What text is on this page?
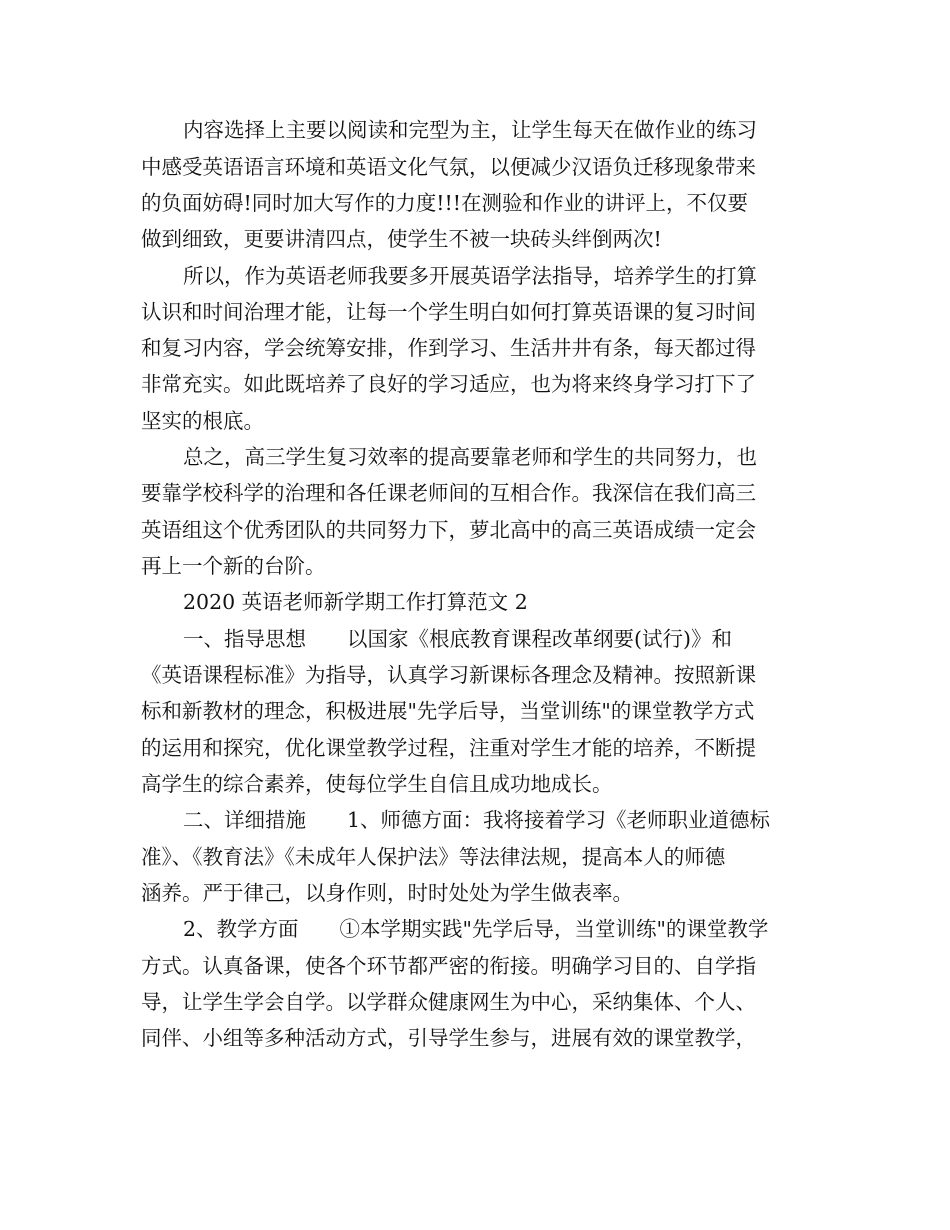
内容选择上主要以阅读和完型为主，让学生每天在做作业的练习
中感受英语语言环境和英语文化气氛，以便减少汉语负迁移现象带来
的负面妨碍!同时加大写作的力度!!!在测验和作业的讲评上，不仅要
做到细致，更要讲清四点，使学生不被一块砖头绊倒两次!
所以，作为英语老师我要多开展英语学法指导，培养学生的打算
认识和时间治理才能，让每一个学生明白如何打算英语课的复习时间
和复习内容，学会统筹安排，作到学习、生活井井有条，每天都过得
非常充实。如此既培养了良好的学习适应，也为将来终身学习打下了
坚实的根底。
总之，高三学生复习效率的提高要靠老师和学生的共同努力，也
要靠学校科学的治理和各任课老师间的互相合作。我深信在我们高三
英语组这个优秀团队的共同努力下，萝北高中的高三英语成绩一定会
再上一个新的台阶。
2020 英语老师新学期工作打算范文 2
一、指导思想　　以国家《根底教育课程改革纲要(试行)》和
《英语课程标准》为指导，认真学习新课标各理念及精神。按照新课
标和新教材的理念，积极进展"先学后导，当堂训练"的课堂教学方式
的运用和探究，优化课堂教学过程，注重对学生才能的培养，不断提
高学生的综合素养，使每位学生自信且成功地成长。
二、详细措施　　1、师德方面：我将接着学习《老师职业道德标
准》、《教育法》《未成年人保护法》等法律法规，提高本人的师德
涵养。严于律己，以身作则，时时处处为学生做表率。
2、教学方面　　①本学期实践"先学后导，当堂训练"的课堂教学
方式。认真备课，使各个环节都严密的衔接。明确学习目的、自学指
导，让学生学会自学。以学群众健康网生为中心，采纳集体、个人、
同伴、小组等多种活动方式，引导学生参与，进展有效的课堂教学，
